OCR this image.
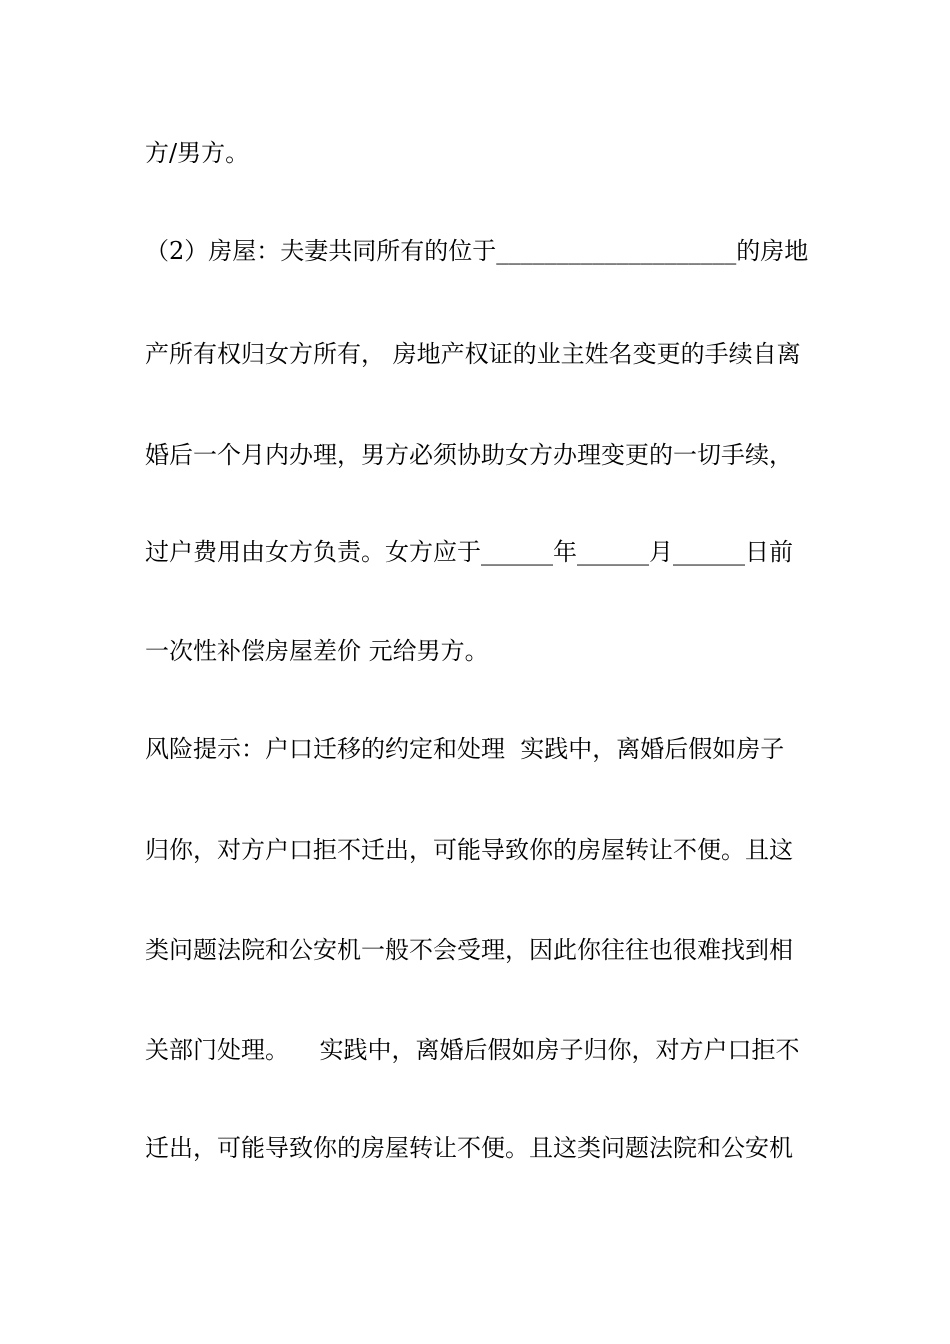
方/男方。
（2）房屋：夫妻共同所有的位于____________________的房地
产所有权归女方所有， 房地产权证的业主姓名变更的手续自离
婚后一个月内办理，男方必须协助女方办理变更的一切手续，
过户费用由女方负责。女方应于______年______月______日前
一次性补偿房屋差价 元给男方。
风险提示：户口迁移的约定和处理  实践中，离婚后假如房子
归你，对方户口拒不迁出，可能导致你的房屋转让不便。且这
类问题法院和公安机一般不会受理，因此你往往也很难找到相
关部门处理。    实践中，离婚后假如房子归你，对方户口拒不
迁出，可能导致你的房屋转让不便。且这类问题法院和公安机
